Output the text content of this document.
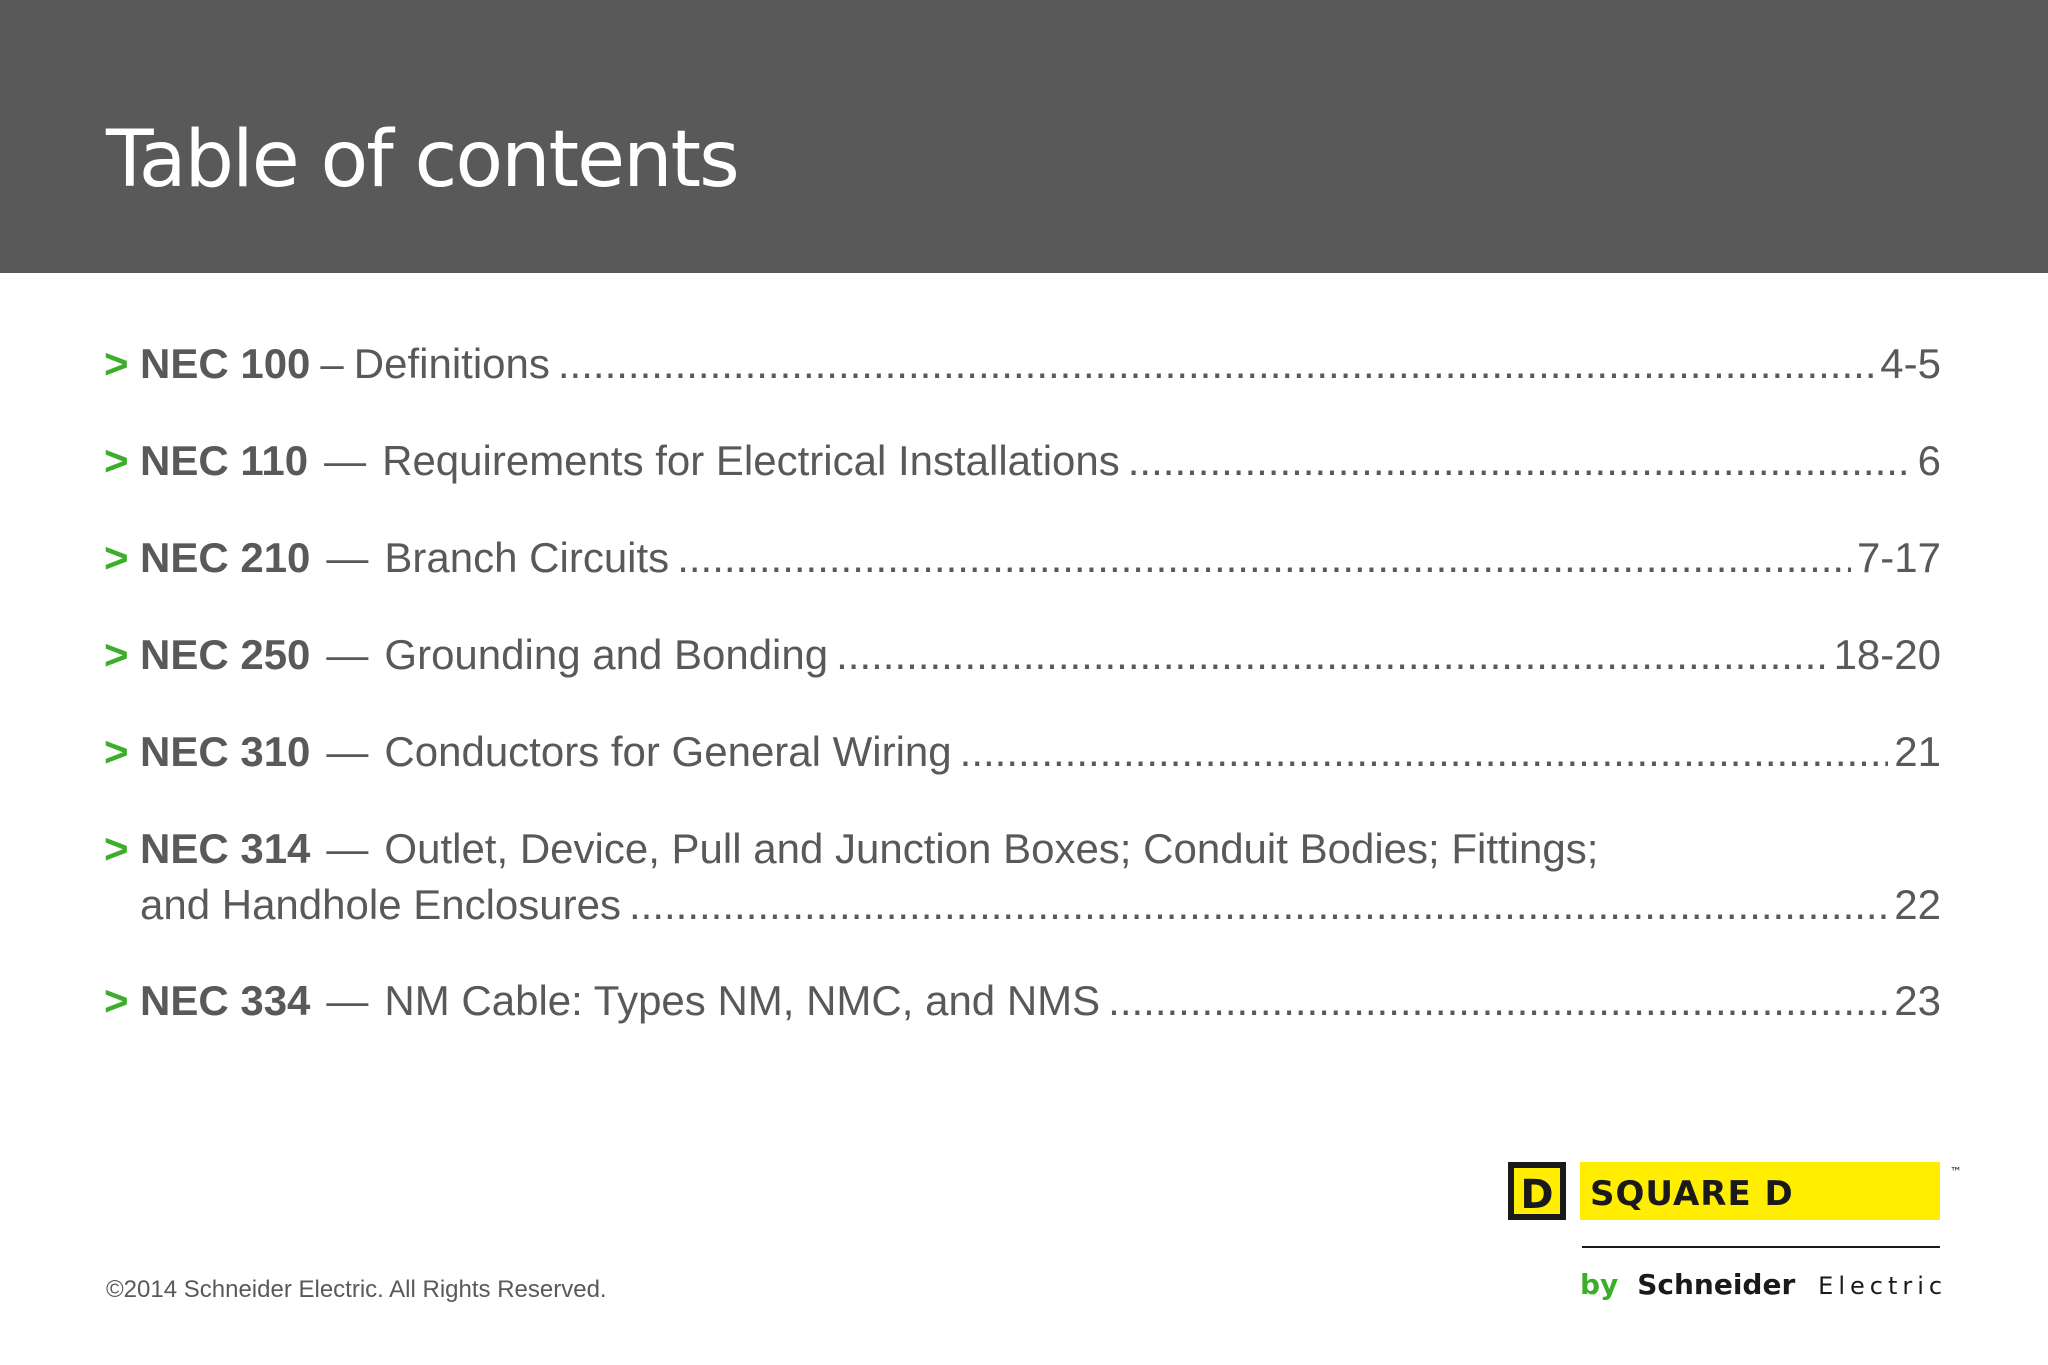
Table of contents
> NEC 100 – Definitions .....	4-5
> NEC 110 — Requirements for Electrical Installations .....	6
> NEC 210 — Branch Circuits .....	7-17
> NEC 250 — Grounding and Bonding .....	18-20
> NEC 310 — Conductors for General Wiring .....	21
> NEC 314 — Outlet, Device, Pull and Junction Boxes; Conduit Bodies; Fittings;
and Handhole Enclosures .....	22
> NEC 334 — NM Cable: Types NM, NMC, and NMS .....	23
©2014 Schneider Electric. All Rights Reserved.
D SQUARE D
™
by Schneider Electric
